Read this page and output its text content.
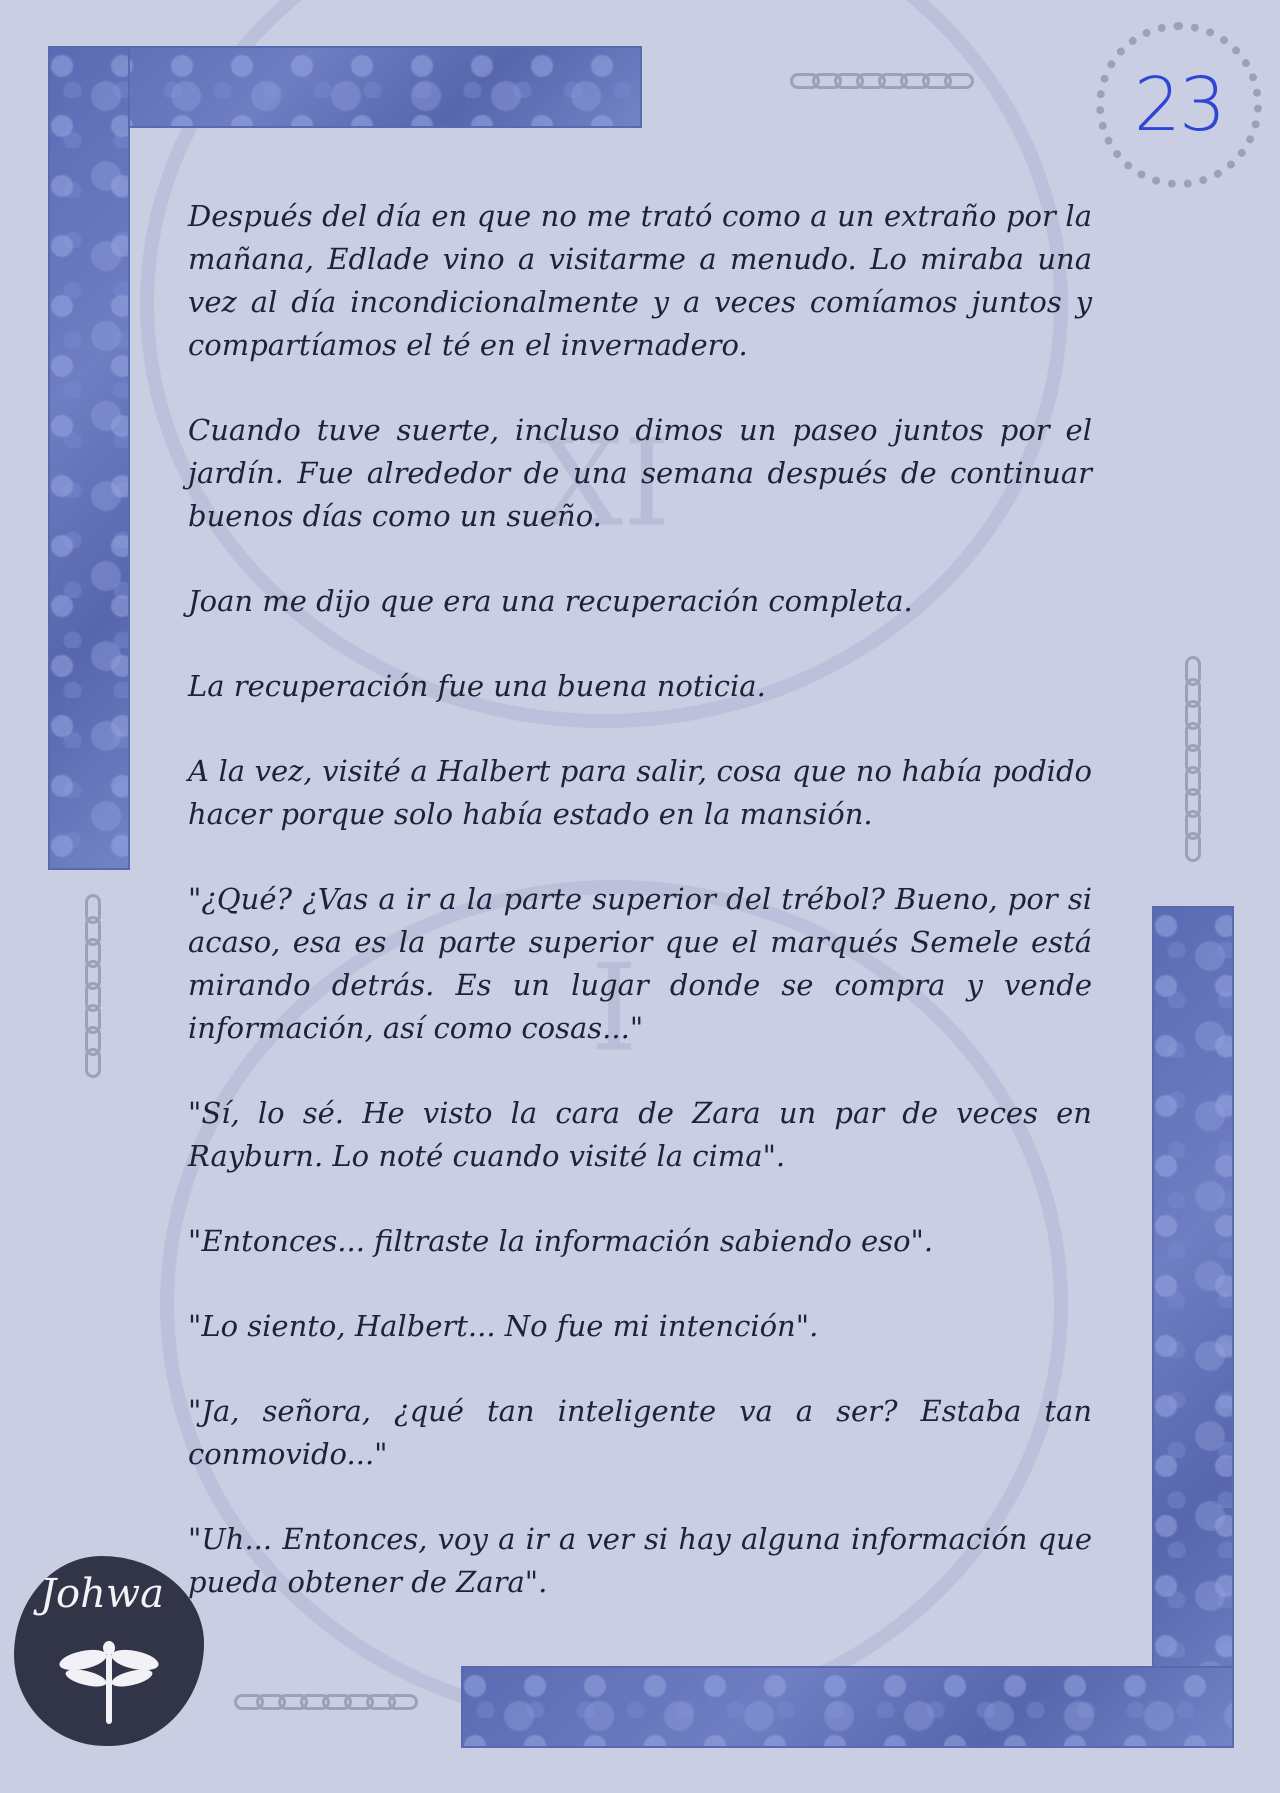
ⅩⅠ
Ⅰ
23

Después del día en que no me trató como a un extraño por la mañana, Edlade vino a visitarme a menudo. Lo miraba una vez al día incondicionalmente y a veces comíamos juntos y compartíamos el té en el invernadero.

Cuando tuve suerte, incluso dimos un paseo juntos por el jardín. Fue alrededor de una semana después de continuar buenos días como un sueño.

Joan me dijo que era una recuperación completa.

La recuperación fue una buena noticia.

A la vez, visité a Halbert para salir, cosa que no había podido hacer porque solo había estado en la mansión.

"¿Qué? ¿Vas a ir a la parte superior del trébol? Bueno, por si acaso, esa es la parte superior que el marqués Semele está mirando detrás. Es un lugar donde se compra y vende información, así como cosas..."

"Sí, lo sé. He visto la cara de Zara un par de veces en Rayburn. Lo noté cuando visité la cima".

"Entonces... filtraste la información sabiendo eso".

"Lo siento, Halbert... No fue mi intención".

"Ja, señora, ¿qué tan inteligente va a ser? Estaba tan conmovido..."

"Uh... Entonces, voy a ir a ver si hay alguna información que pueda obtener de Zara".

Johwa
